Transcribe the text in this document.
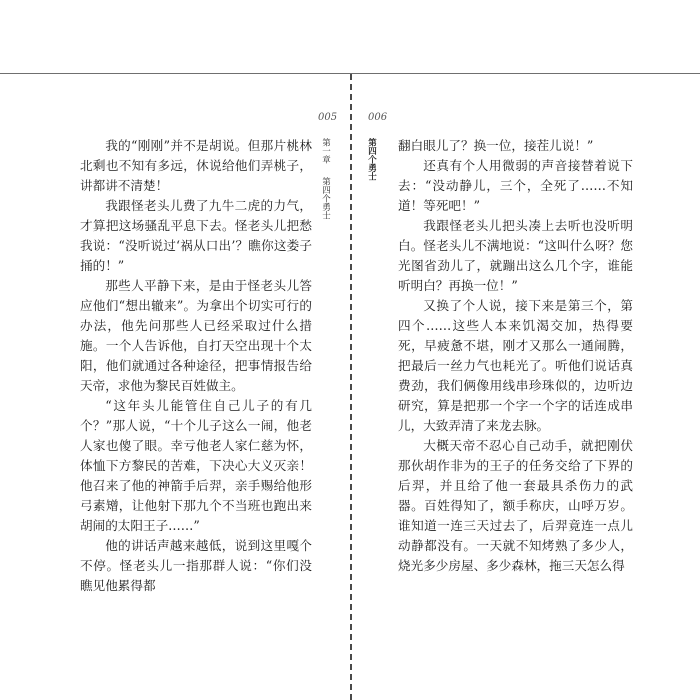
005	006
第一章
第四个勇士
第四个勇士

我的“刚刚”并不是胡说。但那片桃林北剩也不知有多远，休说给他们弄桃子，讲都讲不清楚！

我跟怪老头儿费了九牛二虎的力气，才算把这场骚乱平息下去。怪老头儿把愁我说：“没听说过‘祸从口出’？瞧你这娄子捅的！”

那些人平静下来，是由于怪老头儿答应他们“想出辙来”。为拿出个切实可行的办法，他先问那些人已经采取过什么措施。一个人告诉他，自打天空出现十个太阳，他们就通过各种途径，把事情报告给天帝，求他为黎民百姓做主。

“这年头儿能管住自己儿子的有几个？”那人说，“十个儿子这么一闹，他老人家也傻了眼。幸亏他老人家仁慈为怀，体恤下方黎民的苦难，下决心大义灭亲！他召来了他的神箭手后羿，亲手赐给他形弓素矰，让他射下那九个不当班也跑出来胡闹的太阳王子……”

他的讲话声越来越低，说到这里嘎个不停。怪老头儿一指那群人说：“你们没瞧见他累得都

翻白眼儿了？换一位，接茬儿说！”

还真有个人用微弱的声音接替着说下去：“没动静儿，三个，全死了……不知道！等死吧！”

我跟怪老头儿把头凑上去听也没听明白。怪老头儿不满地说：“这叫什么呀？您光图省劲儿了，就蹦出这么几个字，谁能听明白？再换一位！”

又换了个人说，接下来是第三个，第四个……这些人本来饥渴交加，热得要死，早疲惫不堪，刚才又那么一通闹腾，把最后一丝力气也耗光了。听他们说话真费劲，我们俩像用线串珍珠似的，边听边研究，算是把那一个字一个字的话连成串儿，大致弄清了来龙去脉。

大概天帝不忍心自己动手，就把刚伏那伙胡作非为的王子的任务交给了下界的后羿，并且给了他一套最具杀伤力的武器。百姓得知了，额手称庆，山呼万岁。谁知道一连三天过去了，后羿竟连一点儿动静都没有。一天就不知烤熟了多少人，烧光多少房屋、多少森林，拖三天怎么得
